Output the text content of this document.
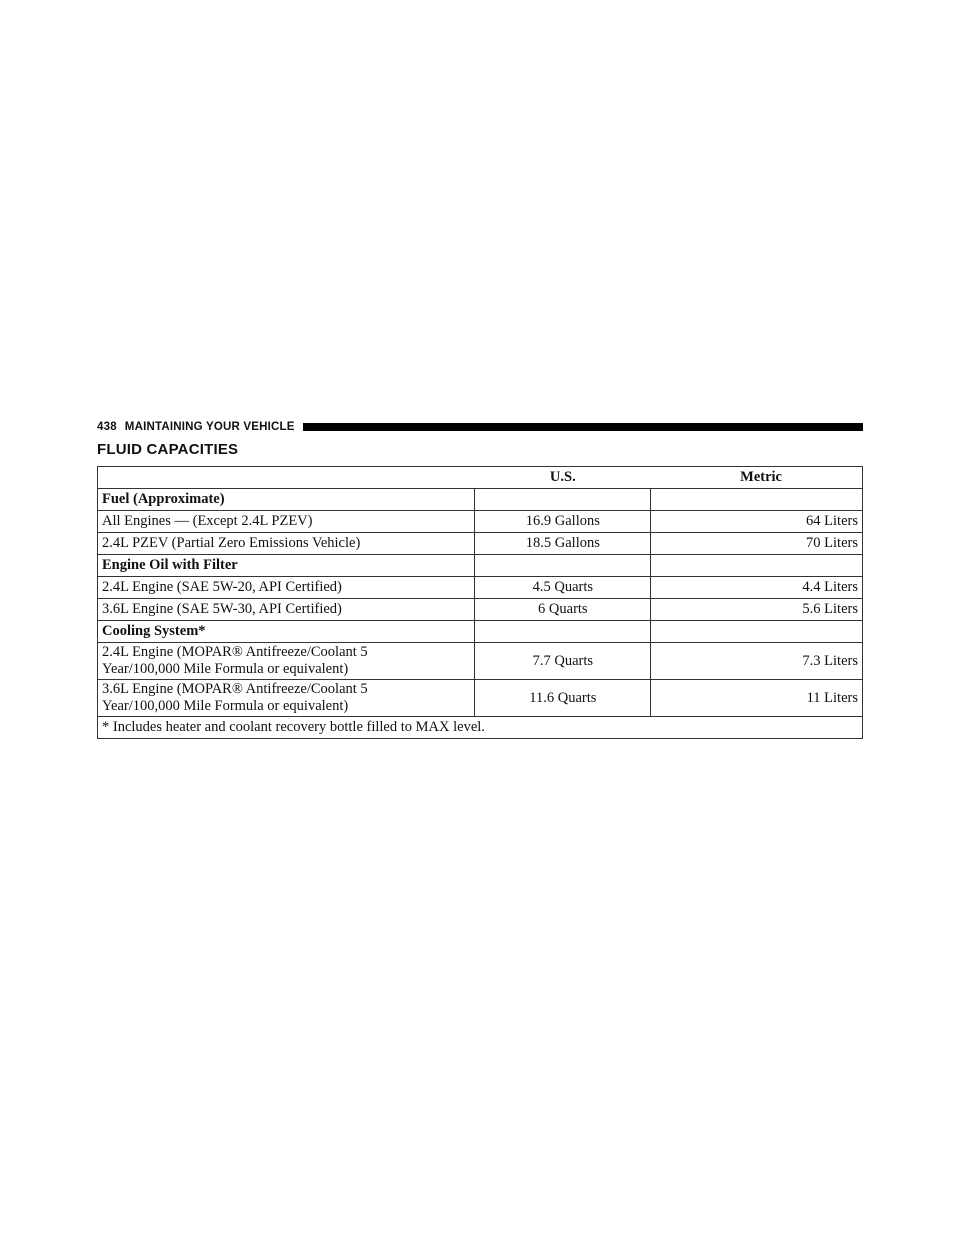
438 MAINTAINING YOUR VEHICLE
FLUID CAPACITIES
	U.S.	Metric
Fuel (Approximate)		
All Engines — (Except 2.4L PZEV)	16.9 Gallons	64 Liters
2.4L PZEV (Partial Zero Emissions Vehicle)	18.5 Gallons	70 Liters
Engine Oil with Filter		
2.4L Engine (SAE 5W-20, API Certified)	4.5 Quarts	4.4 Liters
3.6L Engine (SAE 5W-30, API Certified)	6 Quarts	5.6 Liters
Cooling System*		

2.4L Engine (MOPAR® Antifreeze/Coolant 5
Year/100,000 Mile Formula or equivalent)	7.7 Quarts	7.3 Liters

3.6L Engine (MOPAR® Antifreeze/Coolant 5
Year/100,000 Mile Formula or equivalent)	11.6 Quarts	11 Liters
* Includes heater and coolant recovery bottle filled to MAX level.		
